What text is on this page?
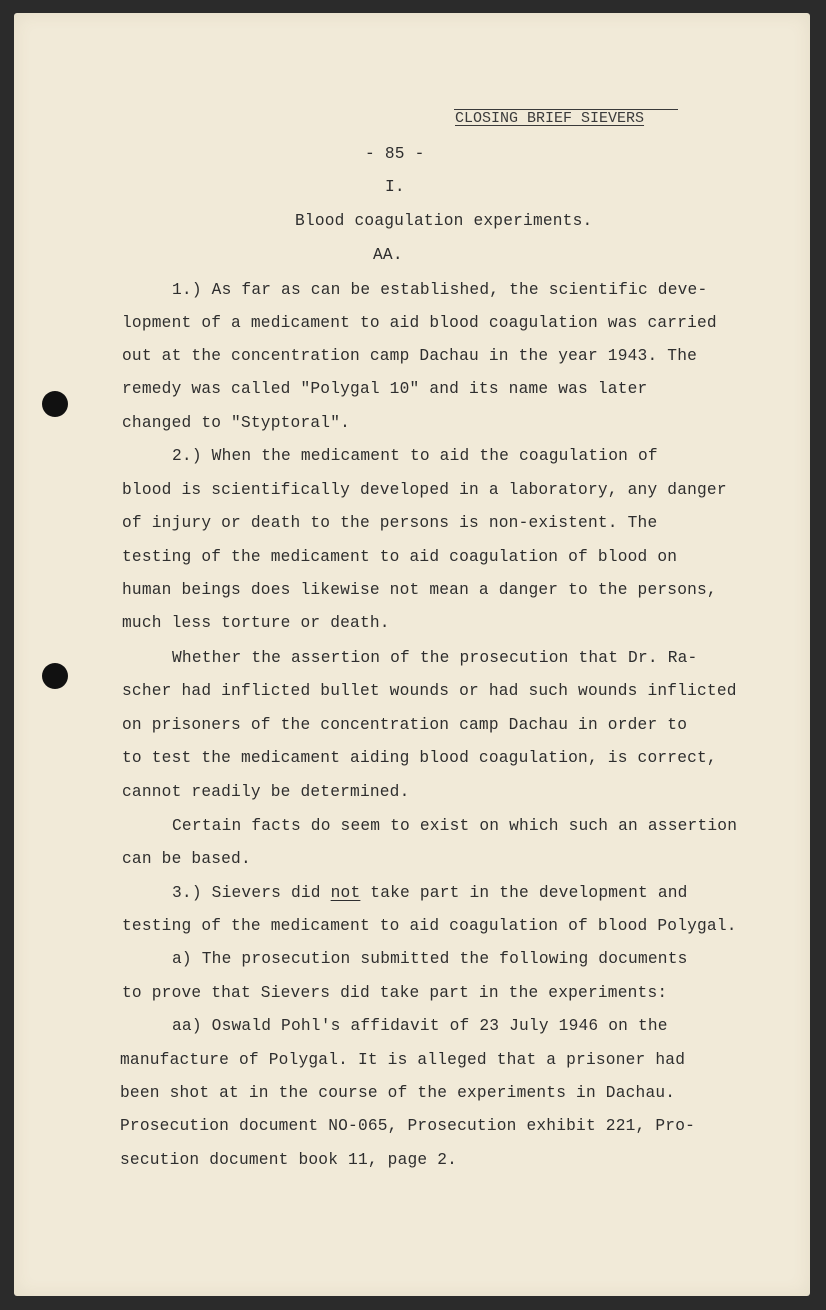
CLOSING BRIEF SIEVERS
- 85 -
I.
Blood coagulation experiments.
AA.
1.) As far as can be established, the scientific deve-
lopment of a medicament to aid blood coagulation was carried
out at the concentration camp Dachau in the year 1943. The
remedy was called "Polygal 10" and its name was later
changed to "Styptoral".
2.) When the medicament to aid the coagulation of
blood is scientifically developed in a laboratory, any danger
of injury or death to the persons is non-existent. The
testing of the medicament to aid coagulation of blood on
human beings does likewise not mean a danger to the persons,
much less torture or death.
Whether the assertion of the prosecution that Dr. Ra-
scher had inflicted bullet wounds or had such wounds inflicted
on prisoners of the concentration camp Dachau in order to
to test the medicament aiding blood coagulation, is correct,
cannot readily be determined.
Certain facts do seem to exist on which such an assertion
can be based.
3.) Sievers did not take part in the development and
testing of the medicament to aid coagulation of blood Polygal.
a) The prosecution submitted the following documents
to prove that Sievers did take part in the experiments:
aa) Oswald Pohl's affidavit of 23 July 1946 on the
manufacture of Polygal. It is alleged that a prisoner had
been shot at in the course of the experiments in Dachau.
Prosecution document NO-065, Prosecution exhibit 221, Pro-
secution document book 11, page 2.
